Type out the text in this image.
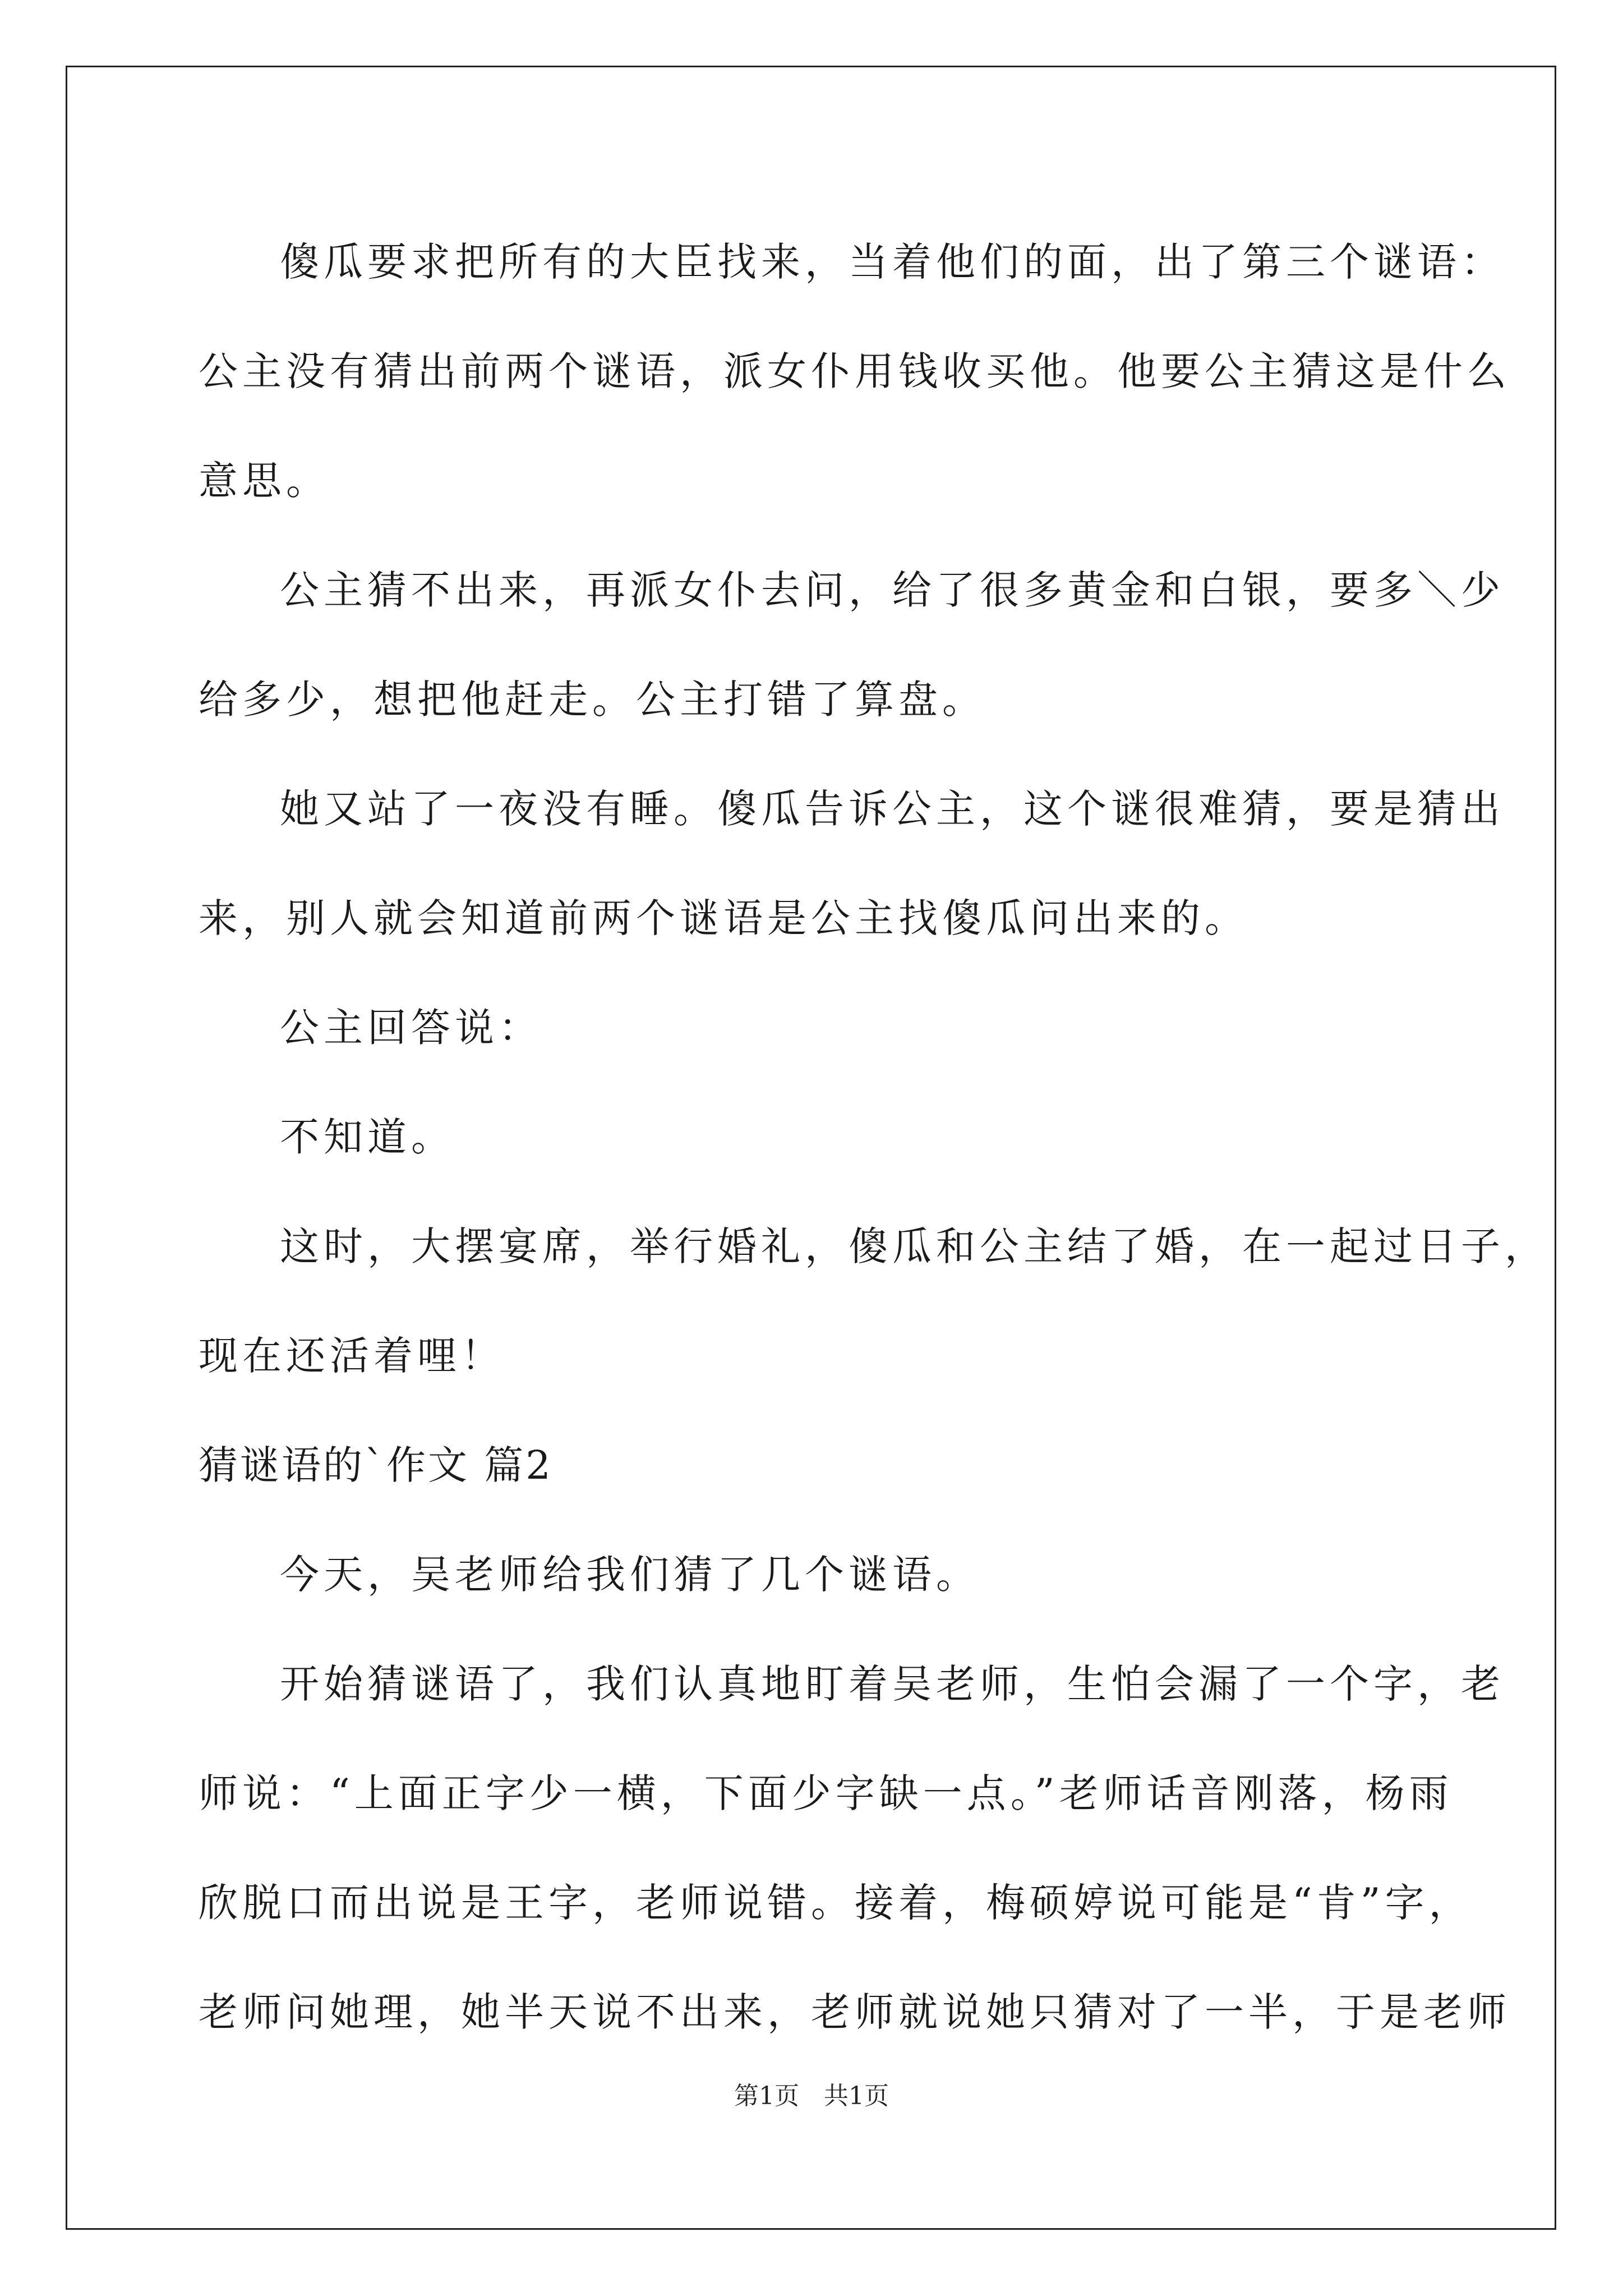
傻瓜要求把所有的大臣找来，当着他们的面，出了第三个谜语：
公主没有猜出前两个谜语，派女仆用钱收买他。他要公主猜这是什么
意思。

公主猜不出来，再派女仆去问，给了很多黄金和白银，要多＼少
给多少，想把他赶走。公主打错了算盘。

她又站了一夜没有睡。傻瓜告诉公主，这个谜很难猜，要是猜出
来，别人就会知道前两个谜语是公主找傻瓜问出来的。

公主回答说：

不知道。

这时，大摆宴席，举行婚礼，傻瓜和公主结了婚，在一起过日子，
现在还活着哩！

猜谜语的`作文 篇2

今天，吴老师给我们猜了几个谜语。

开始猜谜语了，我们认真地盯着吴老师，生怕会漏了一个字，老
师说：“上面正字少一横，下面少字缺一点。”老师话音刚落，杨雨
欣脱口而出说是王字，老师说错。接着，梅硕婷说可能是“肯”字，
老师问她理，她半天说不出来，老师就说她只猜对了一半，于是老师

第1页　共1页
